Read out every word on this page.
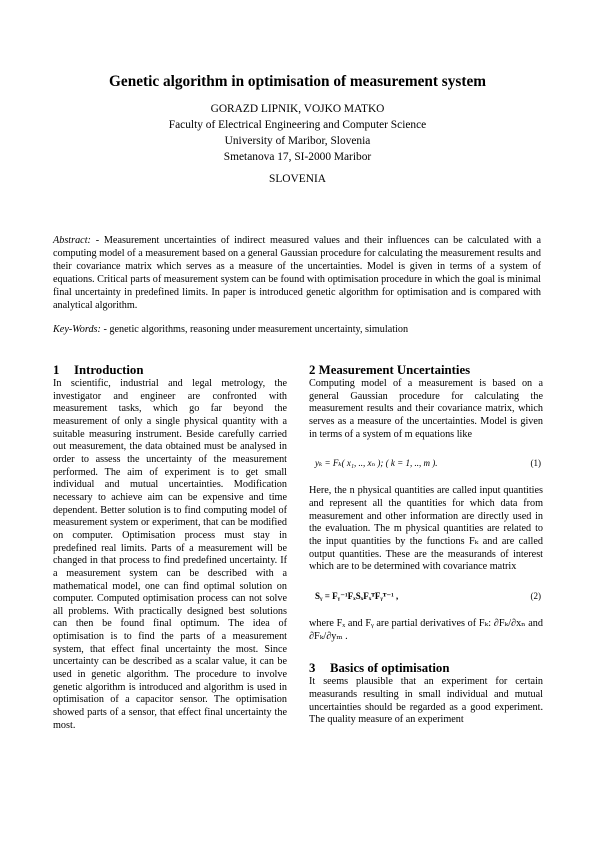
Genetic algorithm in optimisation of measurement system
GORAZD LIPNIK, VOJKO MATKO
Faculty of Electrical Engineering and Computer Science
University of Maribor, Slovenia
Smetanova 17, SI-2000 Maribor
SLOVENIA
Abstract: - Measurement uncertainties of indirect measured values and their influences can be calculated with a computing model of a measurement based on a general Gaussian procedure for calculating the measurement results and their covariance matrix which serves as a measure of the uncertainties. Model is given in terms of a system of equations. Critical parts of measurement system can be found with optimisation procedure in which the goal is minimal final uncertainty in predefined limits. In paper is introduced genetic algorithm for optimisation and is compared with analytical algorithm.
Key-Words: - genetic algorithms, reasoning under measurement uncertainty, simulation
1 Introduction

In scientific, industrial and legal metrology, the investigator and engineer are confronted with measurement tasks, which go far beyond the measurement of only a single physical quantity with a suitable measuring instrument. Beside carefully carried out measurement, the data obtained must be analysed in order to assess the uncertainty of the measurement performed. The aim of experiment is to get small individual and mutual uncertainties. Modification necessary to achieve aim can be expensive and time dependent. Better solution is to find computing model of measurement system or experiment, that can be modified on computer. Optimisation process must stay in predefined real limits. Parts of a measurement will be changed in that process to find predefined uncertainty. If a measurement system can be described with a mathematical model, one can find optimal solution on computer. Computed optimisation process can not solve all problems. With practically designed best solutions can then be found final optimum. The idea of optimisation is to find the parts of a measurement system, that effect final uncertainty the most. Since uncertainty can be described as a scalar value, it can be used in genetic algorithm. The procedure to involve genetic algorithm is introduced and algorithm is used in optimisation of a capacitor sensor. The optimisation showed parts of a sensor, that effect final uncertainty the most.

2 Measurement Uncertainties

Computing model of a measurement is based on a general Gaussian procedure for calculating the measurement results and their covariance matrix, which serves as a measure of the uncertainties. Model is given in terms of a system of m equations like

yₖ = Fₖ( x₁, .., xₙ ); ( k = 1, .., m ).	(1)

Here, the n physical quantities are called input quantities and represent all the quantities for which data from measurement and other information are directly used in the evaluation. The m physical quantities are related to the input quantities by the functions Fₖ and are called output quantities. These are the measurands of interest which are to be determined with covariance matrix

Sᵧ = Fᵧ⁻¹FₓSₓFₓᵀFᵧᵀ⁻¹ ,	(2)

where Fₓ and Fᵧ are partial derivatives of Fₖ: ∂Fₖ/∂xₙ and ∂Fₖ/∂yₘ .

3 Basics of optimisation

It seems plausible that an experiment for certain measurands resulting in small individual and mutual uncertainties should be regarded as a good experiment. The quality measure of an experiment
